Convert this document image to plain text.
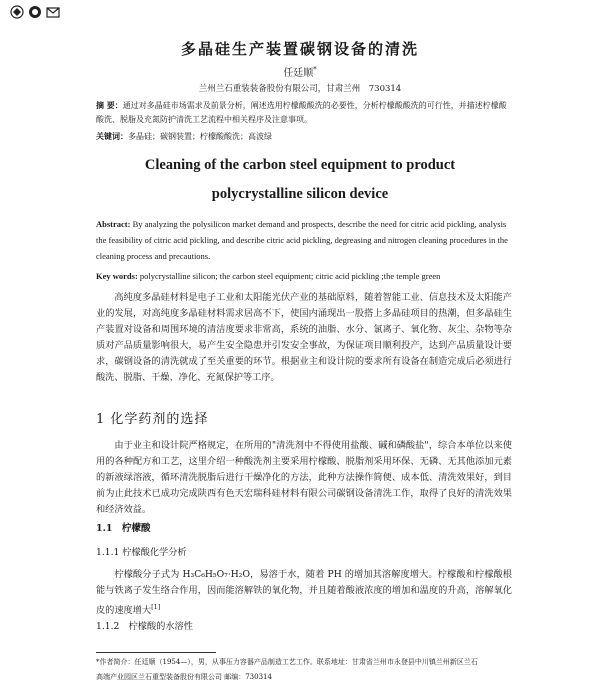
多晶硅生产装置碳钢设备的清洗
任廷顺*
兰州兰石重装装备股份有限公司，甘肃兰州　730314
摘 要：通过对多晶硅市场需求及前景分析，阐述选用柠檬酸酸洗的必要性，分析柠檬酸酸洗的可行性，并描述柠檬酸酸洗、脱脂及充氮防护清洗工艺流程中相关程序及注意事项。
关键词：多晶硅；碳钢装置；柠檬酸酸洗；高波绿
Cleaning of the carbon steel equipment to product
polycrystalline silicon device
Abstract: By analyzing the polysilicon market demand and prospects, describe the need for citric acid pickling, analysis the feasibility of citric acid pickling, and describe citric acid pickling, degreasing and nitrogen cleaning procedures in the cleaning process and precautions.
Key words: polycrystalline silicon; the carbon steel equipment; citric acid pickling ;the temple green
高纯度多晶硅材料是电子工业和太阳能光伏产业的基础原料，随着智能工业、信息技术及太阳能产业的发展，对高纯度多晶硅材料需求居高不下，使国内涌现出一股搭上多晶硅项目的热潮，但多晶硅生产装置对设备和周围环境的清洁度要求非常高，系统的油脂、水分、氯离子、氧化物、灰尘、杂物等杂质对产品质量影响很大，易产生安全隐患并引发安全事故，为保证项目顺利投产，达到产品质量设计要求，碳钢设备的清洗就成了至关重要的环节。根据业主和设计院的要求所有设备在制造完成后必须进行酸洗、脱脂、干燥、净化、充氮保护等工序。
1 化学药剂的选择
由于业主和设计院严格规定，在所用的"清洗剂中不得使用盐酸、碱和磷酸盐"，综合本单位以来使用的各种配方和工艺，这里介绍一种酸洗剂主要采用柠檬酸、脱脂剂采用环保、无磷、无其他添加元素的新液绿溶液，循环清洗脱脂后进行干燥净化的方法，此种方法操作简便、成本低、清洗效果好，到目前为止此技术已成功完成陕西有色天宏瑞科硅材料有限公司碳钢设备清洗工作，取得了良好的清洗效果和经济效益。
1.1　柠檬酸
1.1.1 柠檬酸化学分析
柠檬酸分子式为 H₃C₆H₅O₇·H₂O，易溶于水，随着 PH 的增加其溶解度增大。柠檬酸和柠檬酸根能与铁离子发生络合作用，因而能溶解铁的氧化物，并且随着酸液浓度的增加和温度的升高，溶解氧化皮的速度增大[1]
1.1.2　柠檬酸的水溶性
*作者简介：任廷顺（1954—），男，从事压力容器产品制造工艺工作。联系地址：甘肃省兰州市永登县中川镇兰州新区兰石
高端产业园区兰石重型装备股份有限公司 邮编：730314
